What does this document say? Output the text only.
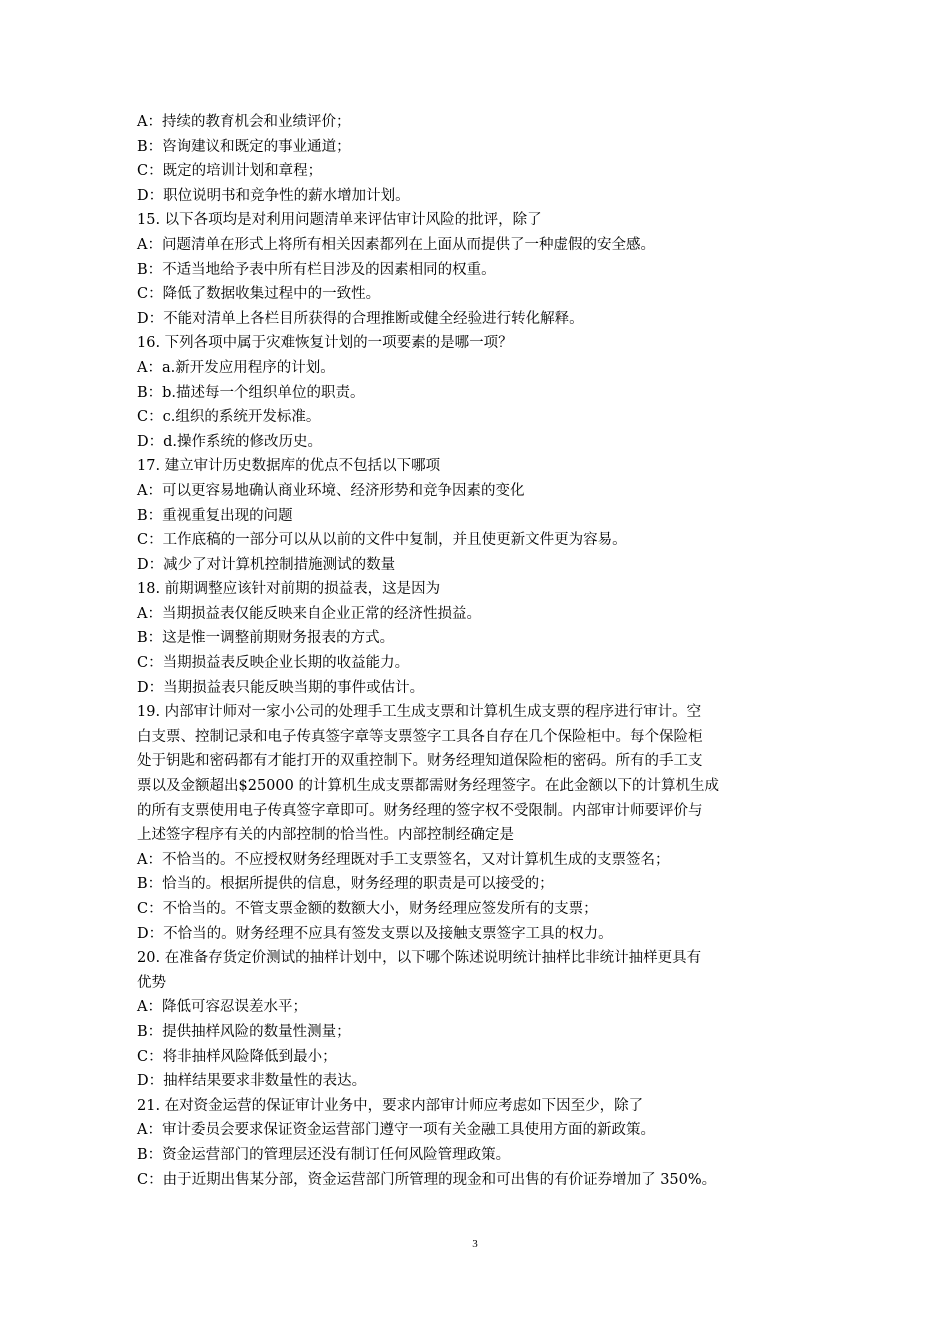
A：持续的教育机会和业绩评价；
B：咨询建议和既定的事业通道；
C：既定的培训计划和章程；
D：职位说明书和竞争性的薪水增加计划。
15. 以下各项均是对利用问题清单来评估审计风险的批评，除了
A：问题清单在形式上将所有相关因素都列在上面从而提供了一种虚假的安全感。
B：不适当地给予表中所有栏目涉及的因素相同的权重。
C：降低了数据收集过程中的一致性。
D：不能对清单上各栏目所获得的合理推断或健全经验进行转化解释。
16. 下列各项中属于灾难恢复计划的一项要素的是哪一项？
A：a.新开发应用程序的计划。
B：b.描述每一个组织单位的职责。
C：c.组织的系统开发标准。
D：d.操作系统的修改历史。
17. 建立审计历史数据库的优点不包括以下哪项
A：可以更容易地确认商业环境、经济形势和竞争因素的变化
B：重视重复出现的问题
C：工作底稿的一部分可以从以前的文件中复制，并且使更新文件更为容易。
D：减少了对计算机控制措施测试的数量
18. 前期调整应该针对前期的损益表，这是因为
A：当期损益表仅能反映来自企业正常的经济性损益。
B：这是惟一调整前期财务报表的方式。
C：当期损益表反映企业长期的收益能力。
D：当期损益表只能反映当期的事件或估计。
19. 内部审计师对一家小公司的处理手工生成支票和计算机生成支票的程序进行审计。空
白支票、控制记录和电子传真签字章等支票签字工具各自存在几个保险柜中。每个保险柜
处于钥匙和密码都有才能打开的双重控制下。财务经理知道保险柜的密码。所有的手工支
票以及金额超出$25000 的计算机生成支票都需财务经理签字。在此金额以下的计算机生成
的所有支票使用电子传真签字章即可。财务经理的签字权不受限制。内部审计师要评价与
上述签字程序有关的内部控制的恰当性。内部控制经确定是
A：不恰当的。不应授权财务经理既对手工支票签名，又对计算机生成的支票签名；
B：恰当的。根据所提供的信息，财务经理的职责是可以接受的；
C：不恰当的。不管支票金额的数额大小，财务经理应签发所有的支票；
D：不恰当的。财务经理不应具有签发支票以及接触支票签字工具的权力。
20. 在准备存货定价测试的抽样计划中，以下哪个陈述说明统计抽样比非统计抽样更具有
优势
A：降低可容忍误差水平；
B：提供抽样风险的数量性测量；
C：将非抽样风险降低到最小；
D：抽样结果要求非数量性的表达。
21. 在对资金运营的保证审计业务中，要求内部审计师应考虑如下因至少，除了
A：审计委员会要求保证资金运营部门遵守一项有关金融工具使用方面的新政策。
B：资金运营部门的管理层还没有制订任何风险管理政策。
C：由于近期出售某分部，资金运营部门所管理的现金和可出售的有价证券增加了 350%。
3
